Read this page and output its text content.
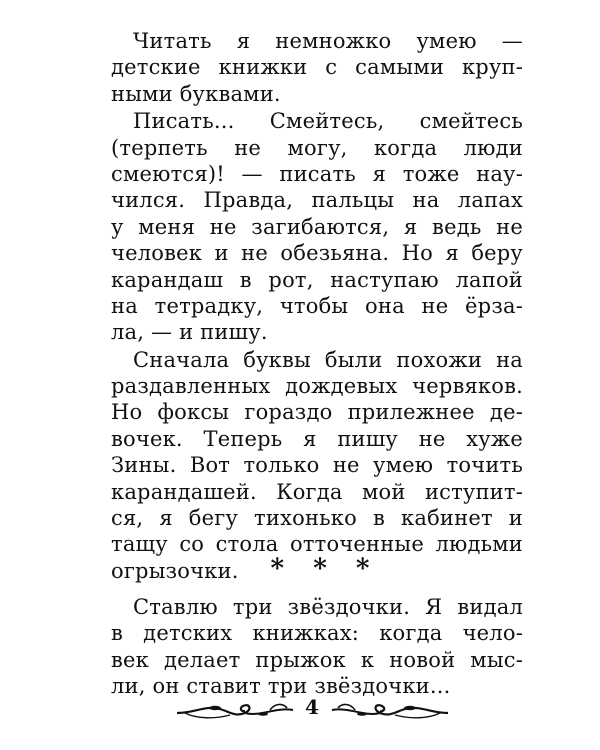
Читать я немножко умею —
детские книжки с самыми круп-
ными буквами.
Писать... Смейтесь, смейтесь
(терпеть не могу, когда люди
смеются)! — писать я тоже нау-
чился. Правда, пальцы на лапах
у меня не загибаются, я ведь не
человек и не обезьяна. Но я беру
карандаш в рот, наступаю лапой
на тетрадку, чтобы она не ёрза-
ла, — и пишу.
Сначала буквы были похожи на
раздавленных дождевых червяков.
Но фоксы гораздо прилежнее де-
вочек. Теперь я пишу не хуже
Зины. Вот только не умею точить
карандашей. Когда мой иступит-
ся, я бегу тихонько в кабинет и
тащу со стола отточенные людьми
огрызочки.	* * *
Ставлю три звёздочки. Я видал
в детских книжках: когда чело-
век делает прыжок к новой мыс-
ли, он ставит три звёздочки...
4
